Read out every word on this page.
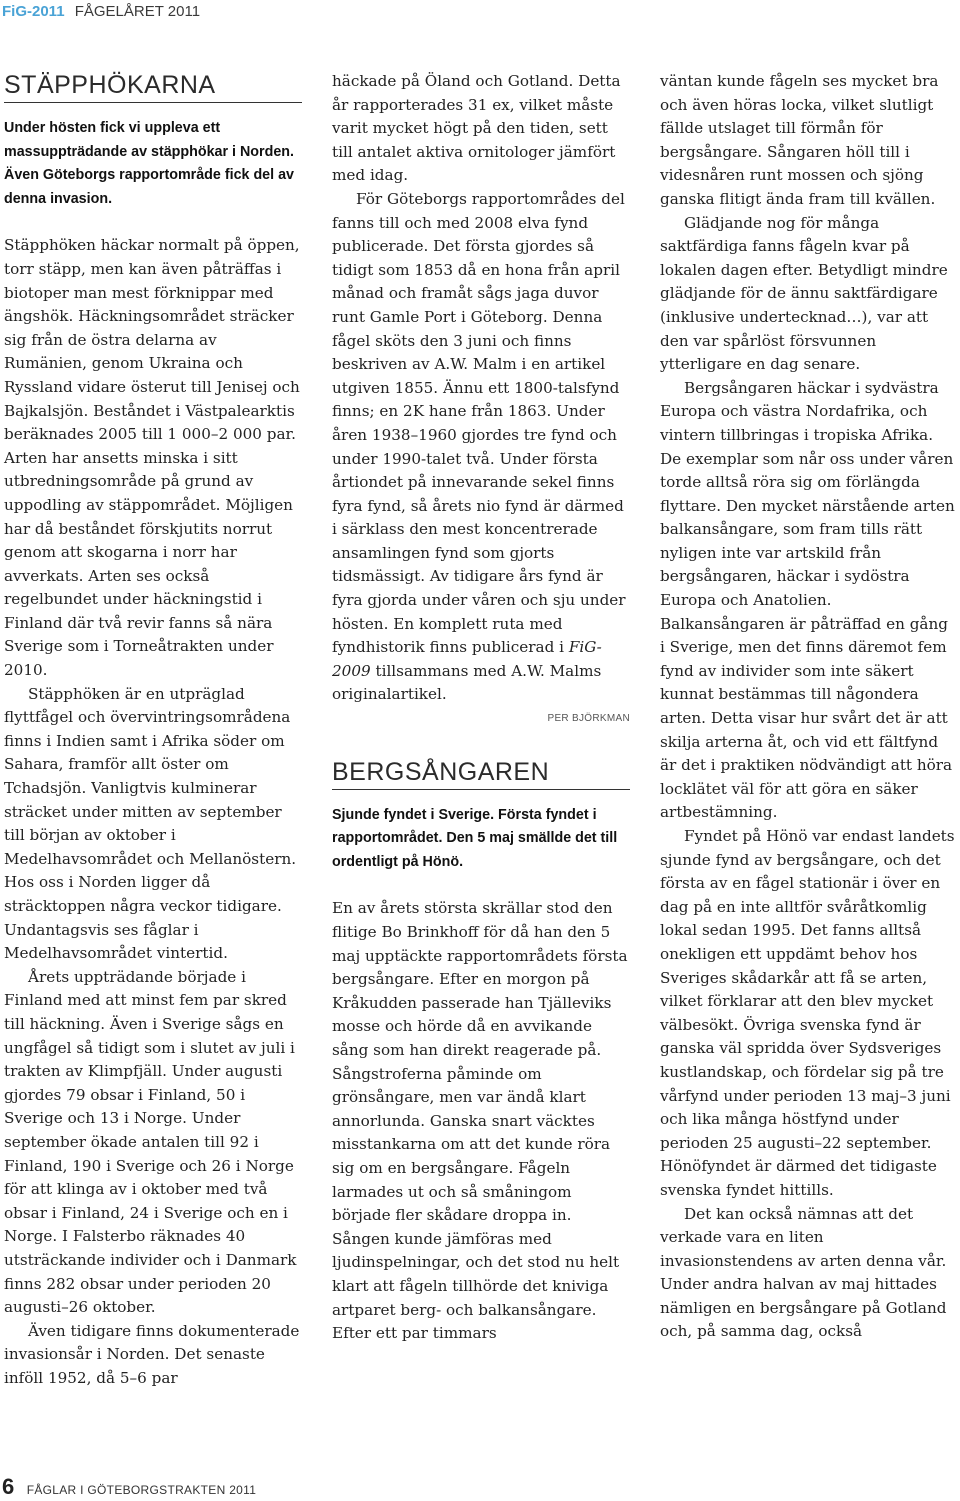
FiG-2011 FÅGELÅRET 2011
STÄPPHÖKARNA

Under hösten fick vi uppleva ett massuppträdande av stäpphökar i Norden. Även Göteborgs rapportområde fick del av denna invasion.

Stäpphöken häckar normalt på öppen, torr stäpp, men kan även påträffas i biotoper man mest förknippar med ängshök. Häckningsområdet sträcker sig från de östra delarna av Rumänien, genom Ukraina och Ryssland vidare österut till Jenisej och Bajkalsjön. Beståndet i Västpalearktis beräknades 2005 till 1 000–2 000 par. Arten har ansetts minska i sitt utbredningsområde på grund av uppodling av stäppområdet. Möjligen har då beståndet förskjutits norrut genom att skogarna i norr har avverkats. Arten ses också regelbundet under häckningstid i Finland där två revir fanns så nära Sverige som i Torneåtrakten under 2010.

Stäpphöken är en utpräglad flyttfågel och övervintringsområdena finns i Indien samt i Afrika söder om Sahara, framför allt öster om Tchadsjön. Vanligtvis kulminerar sträcket under mitten av september till början av oktober i Medelhavsområdet och Mellanöstern. Hos oss i Norden ligger då sträcktoppen några veckor tidigare. Undantagsvis ses fåglar i Medelhavsområdet vintertid.

Årets uppträdande började i Finland med att minst fem par skred till häckning. Även i Sverige sågs en ungfågel så tidigt som i slutet av juli i trakten av Klimpfjäll. Under augusti gjordes 79 obsar i Finland, 50 i Sverige och 13 i Norge. Under september ökade antalen till 92 i Finland, 190 i Sverige och 26 i Norge för att klinga av i oktober med två obsar i Finland, 24 i Sverige och en i Norge. I Falsterbo räknades 40 utsträckande individer och i Danmark finns 282 obsar under perioden 20 augusti–26 oktober.

Även tidigare finns dokumenterade invasionsår i Norden. Det senaste inföll 1952, då 5–6 par

häckade på Öland och Gotland. Detta år rapporterades 31 ex, vilket måste varit mycket högt på den tiden, sett till antalet aktiva ornitologer jämfört med idag.

För Göteborgs rapportområdes del fanns till och med 2008 elva fynd publicerade. Det första gjordes så tidigt som 1853 då en hona från april månad och framåt sågs jaga duvor runt Gamle Port i Göteborg. Denna fågel sköts den 3 juni och finns beskriven av A.W. Malm i en artikel utgiven 1855. Ännu ett 1800-talsfynd finns; en 2K hane från 1863. Under åren 1938–1960 gjordes tre fynd och under 1990-talet två. Under första årtiondet på innevarande sekel finns fyra fynd, så årets nio fynd är därmed i särklass den mest koncentrerade ansamlingen fynd som gjorts tidsmässigt. Av tidigare års fynd är fyra gjorda under våren och sju under hösten. En komplett ruta med fyndhistorik finns publicerad i FiG-2009 tillsammans med A.W. Malms originalartikel.

PER BJÖRKMAN

BERGSÅNGAREN

Sjunde fyndet i Sverige. Första fyndet i rapportområdet. Den 5 maj smällde det till ordentligt på Hönö.

En av årets största skrällar stod den flitige Bo Brinkhoff för då han den 5 maj upptäckte rapportområdets första bergsångare. Efter en morgon på Kråkudden passerade han Tjälleviks mosse och hörde då en avvikande sång som han direkt reagerade på. Sångstroferna påminde om grönsångare, men var ändå klart annorlunda. Ganska snart väcktes misstankarna om att det kunde röra sig om en bergsångare. Fågeln larmades ut och så småningom började fler skådare droppa in. Sången kunde jämföras med ljudinspelningar, och det stod nu helt klart att fågeln tillhörde det kniviga artparet berg- och balkansångare. Efter ett par timmars

väntan kunde fågeln ses mycket bra och även höras locka, vilket slutligt fällde utslaget till förmån för bergsångare. Sångaren höll till i videsnåren runt mossen och sjöng ganska flitigt ända fram till kvällen.

Glädjande nog för många saktfärdiga fanns fågeln kvar på lokalen dagen efter. Betydligt mindre glädjande för de ännu saktfärdigare (inklusive undertecknad…), var att den var spårlöst försvunnen ytterligare en dag senare.

Bergsångaren häckar i sydvästra Europa och västra Nordafrika, och vintern tillbringas i tropiska Afrika. De exemplar som når oss under våren torde alltså röra sig om förlängda flyttare. Den mycket närstående arten balkansångare, som fram tills rätt nyligen inte var artskild från bergsångaren, häckar i sydöstra Europa och Anatolien. Balkansångaren är påträffad en gång i Sverige, men det finns däremot fem fynd av individer som inte säkert kunnat bestämmas till någondera arten. Detta visar hur svårt det är att skilja arterna åt, och vid ett fältfynd är det i praktiken nödvändigt att höra locklätet väl för att göra en säker artbestämning.

Fyndet på Hönö var endast landets sjunde fynd av bergsångare, och det första av en fågel stationär i över en dag på en inte alltför svåråtkomlig lokal sedan 1995. Det fanns alltså onekligen ett uppdämt behov hos Sveriges skådarkår att få se arten, vilket förklarar att den blev mycket välbesökt. Övriga svenska fynd är ganska väl spridda över Sydsveriges kustlandskap, och fördelar sig på tre vårfynd under perioden 13 maj–3 juni och lika många höstfynd under perioden 25 augusti–22 september. Hönöfyndet är därmed det tidigaste svenska fyndet hittills.

Det kan också nämnas att det verkade vara en liten invasionstendens av arten denna vår. Under andra halvan av maj hittades nämligen en bergsångare på Gotland och, på samma dag, också

6 FÅGLAR I GÖTEBORGSTRAKTEN 2011
